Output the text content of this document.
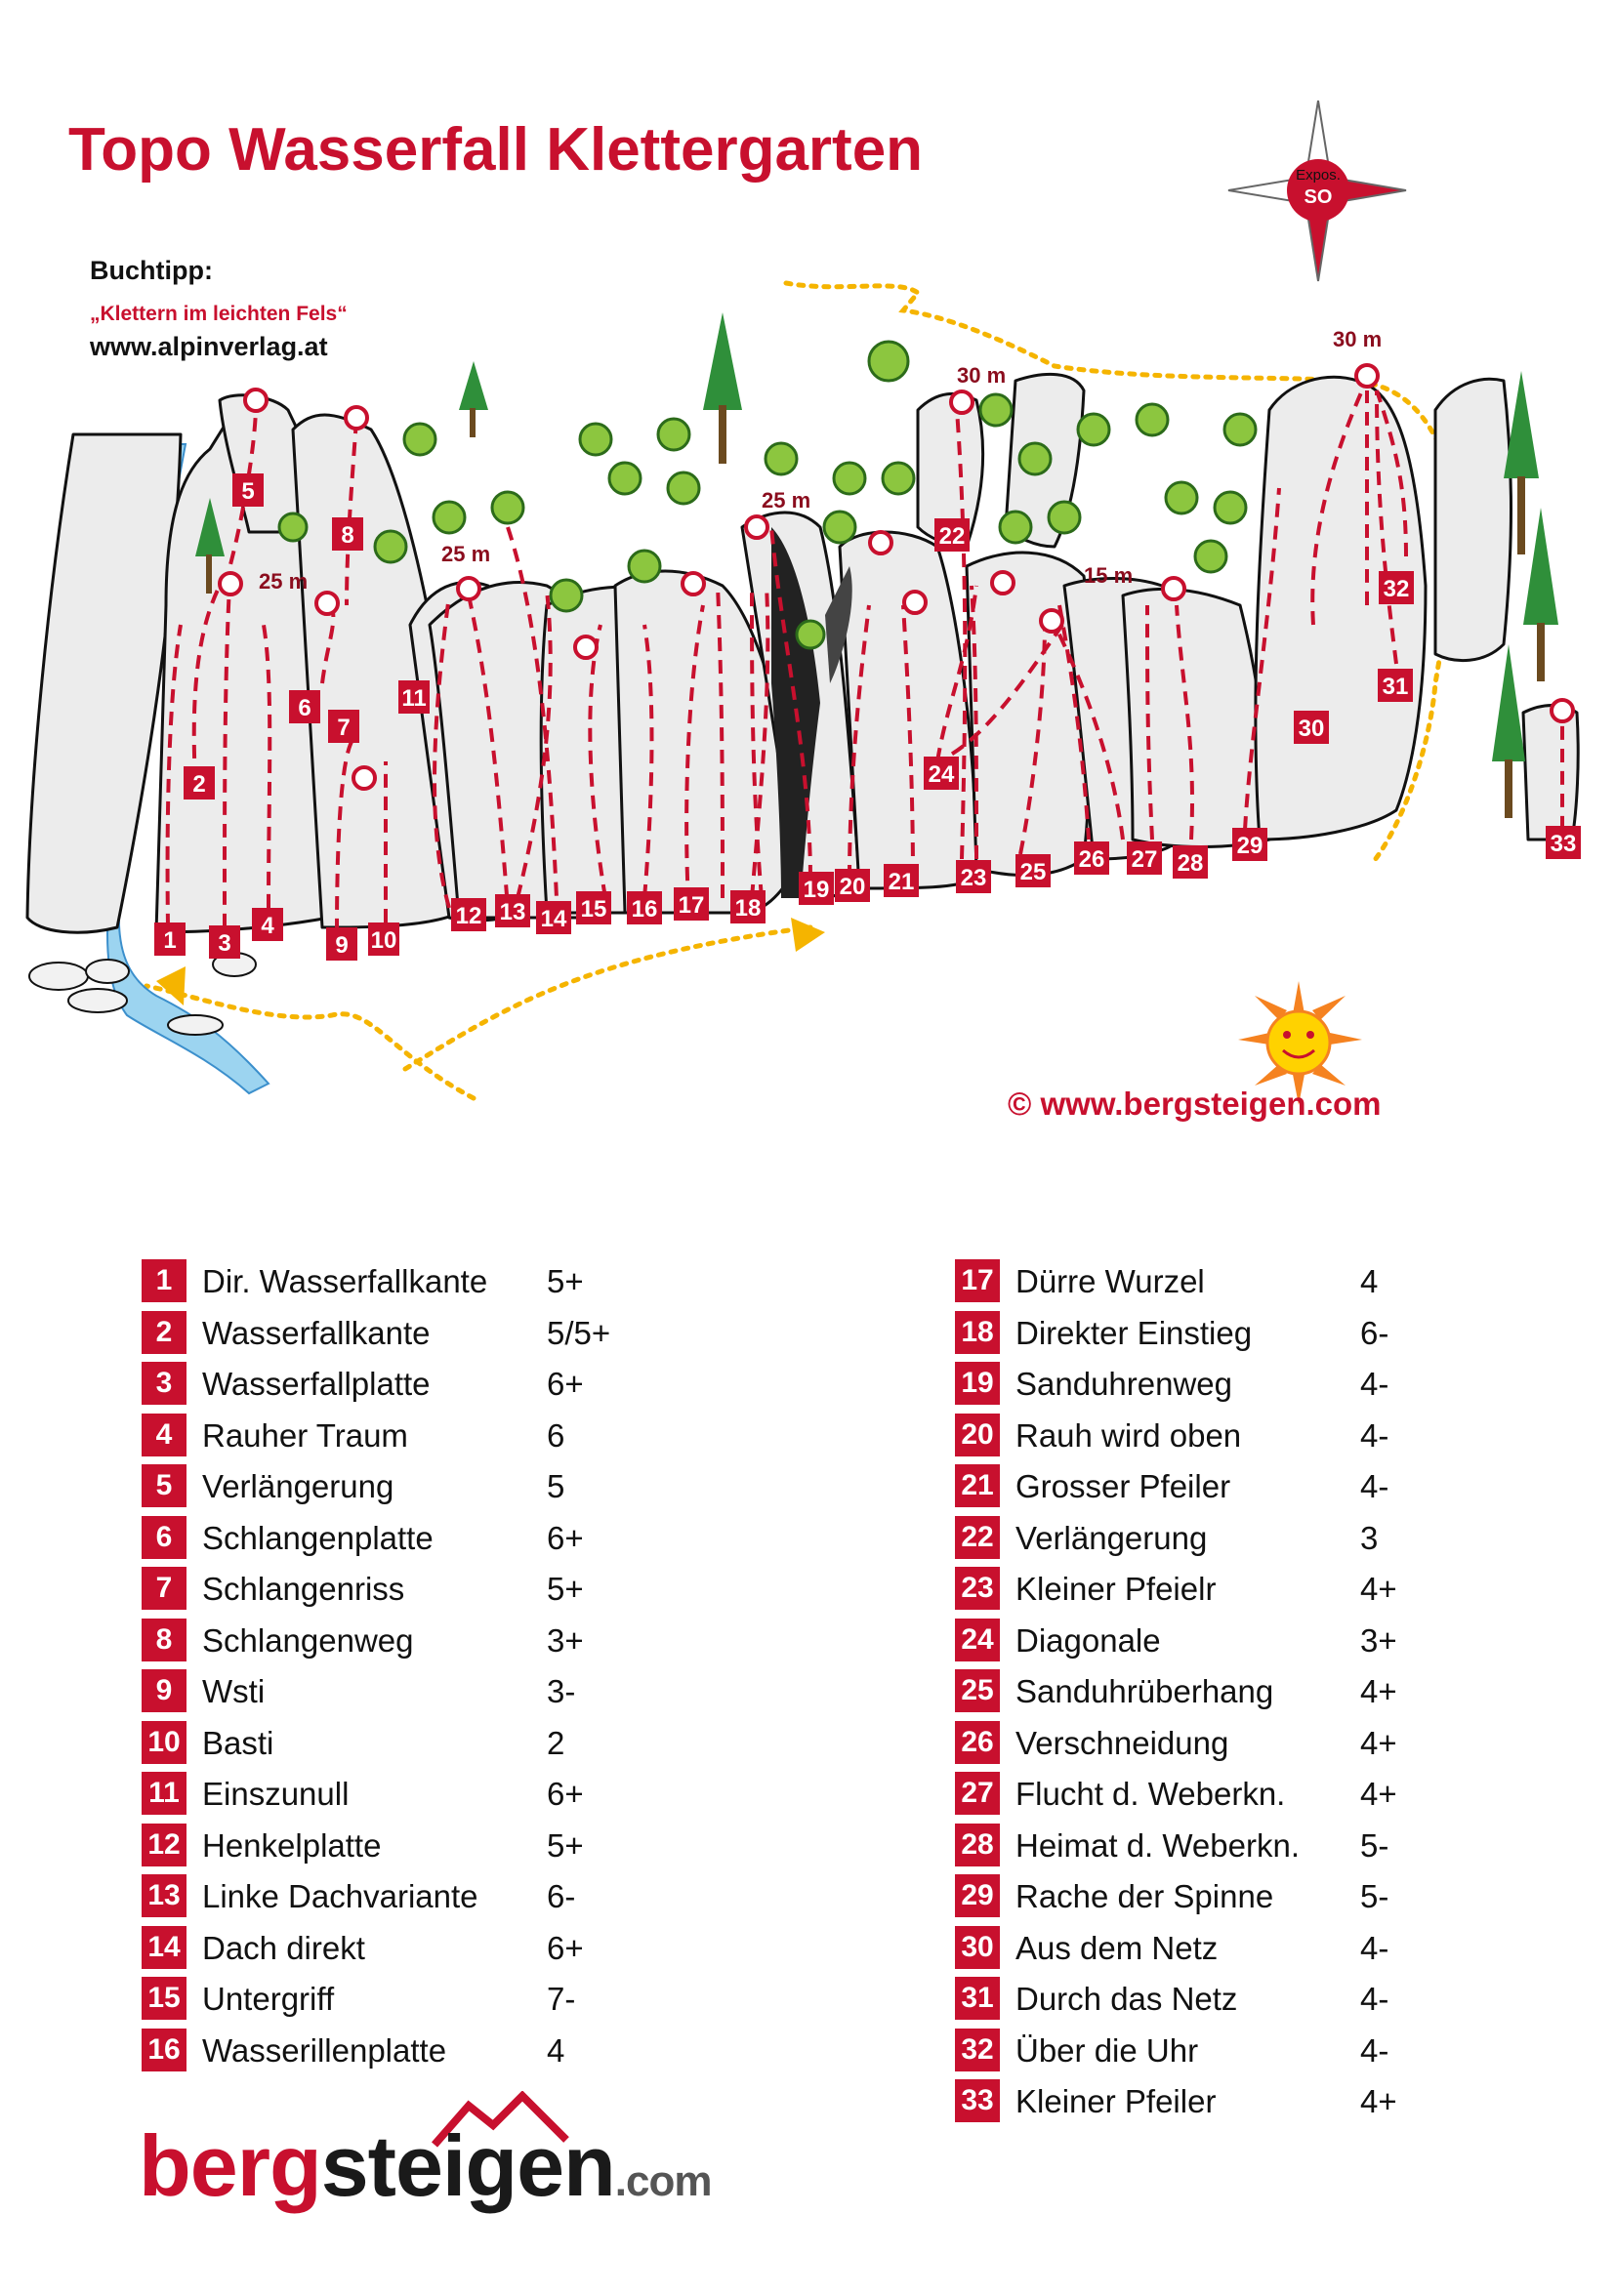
Topo Wasserfall Klettergarten
Buchtipp:
„Klettern im leichten Fels“
www.alpinverlag.at
Expos.
SO
1 3
4
9 10
2
5
8
6
7
11
12 13 14 15 16 17 18
19 20 21
22
23 25
24
26 27 28
29
30
31
32
33
25 m
25 m
25 m
30 m
30 m
15 m
© www.bergsteigen.com
1 Dir. Wasserfallkante 5+
2 Wasserfallkante	5/5+
3 Wasserfallplatte	6+
4 Rauher Traum	6
5 Verlängerung	5
6 Schlangenplatte	6+
7 Schlangenriss	5+
8 Schlangenweg	3+
9 Wsti	3-
10 Basti	2
11 Einszunull	6+
12 Henkelplatte	5+
13 Linke Dachvariante 6-
14 Dach direkt	6+
15 Untergriff	7-
16 Wasserillenplatte	4
17 Dürre Wurzel	4
18 Direkter Einstieg	6-
19 Sanduhrenweg	4-
20 Rauh wird oben	4-
21 Grosser Pfeiler	4-
22 Verlängerung	3
23 Kleiner Pfeielr	4+
24 Diagonale	3+
25 Sanduhrüberhang	4+
26 Verschneidung	4+
27 Flucht d. Weberkn. 4+
28 Heimat d. Weberkn. 5-
29 Rache der Spinne	5-
30 Aus dem Netz	4-
31 Durch das Netz	4-
32 Über die Uhr	4-
33 Kleiner Pfeiler	4+
bergsteigen.com
